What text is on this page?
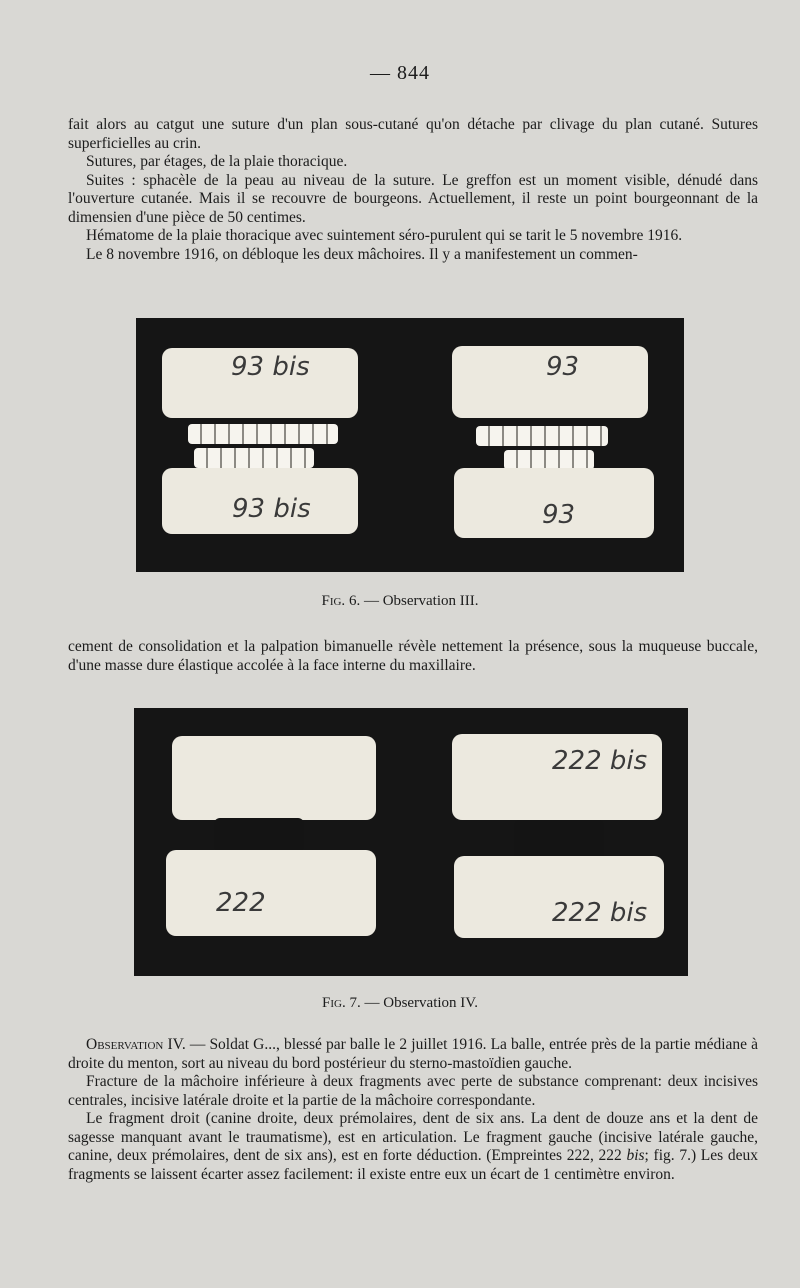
— 844

fait alors au catgut une suture d'un plan sous-cutané qu'on détache par clivage du plan cutané. Sutures superficielles au crin.

Sutures, par étages, de la plaie thoracique.

Suites : sphacèle de la peau au niveau de la suture. Le greffon est un moment visible, dénudé dans l'ouverture cutanée. Mais il se recouvre de bourgeons. Actuellement, il reste un point bourgeonnant de la dimensien d'une pièce de 50 centimes.

Hématome de la plaie thoracique avec suintement séro-purulent qui se tarit le 5 novembre 1916.

Le 8 novembre 1916, on débloque les deux mâchoires. Il y a manifestement un commen-

93 bis
93 bis
93
93
Fig. 6. — Observation III.

cement de consolidation et la palpation bimanuelle révèle nettement la présence, sous la muqueuse buccale, d'une masse dure élastique accolée à la face interne du maxillaire.

222
222 bis
222 bis
Fig. 7. — Observation IV.

Observation IV. — Soldat G..., blessé par balle le 2 juillet 1916. La balle, entrée près de la partie médiane à droite du menton, sort au niveau du bord postérieur du sterno-mastoïdien gauche.

Fracture de la mâchoire inférieure à deux fragments avec perte de substance comprenant: deux incisives centrales, incisive latérale droite et la partie de la mâchoire correspondante.

Le fragment droit (canine droite, deux prémolaires, dent de six ans. La dent de douze ans et la dent de sagesse manquant avant le traumatisme), est en articulation. Le fragment gauche (incisive latérale gauche, canine, deux prémolaires, dent de six ans), est en forte déduction. (Empreintes 222, 222 bis; fig. 7.) Les deux fragments se laissent écarter assez facilement: il existe entre eux un écart de 1 centimètre environ.
